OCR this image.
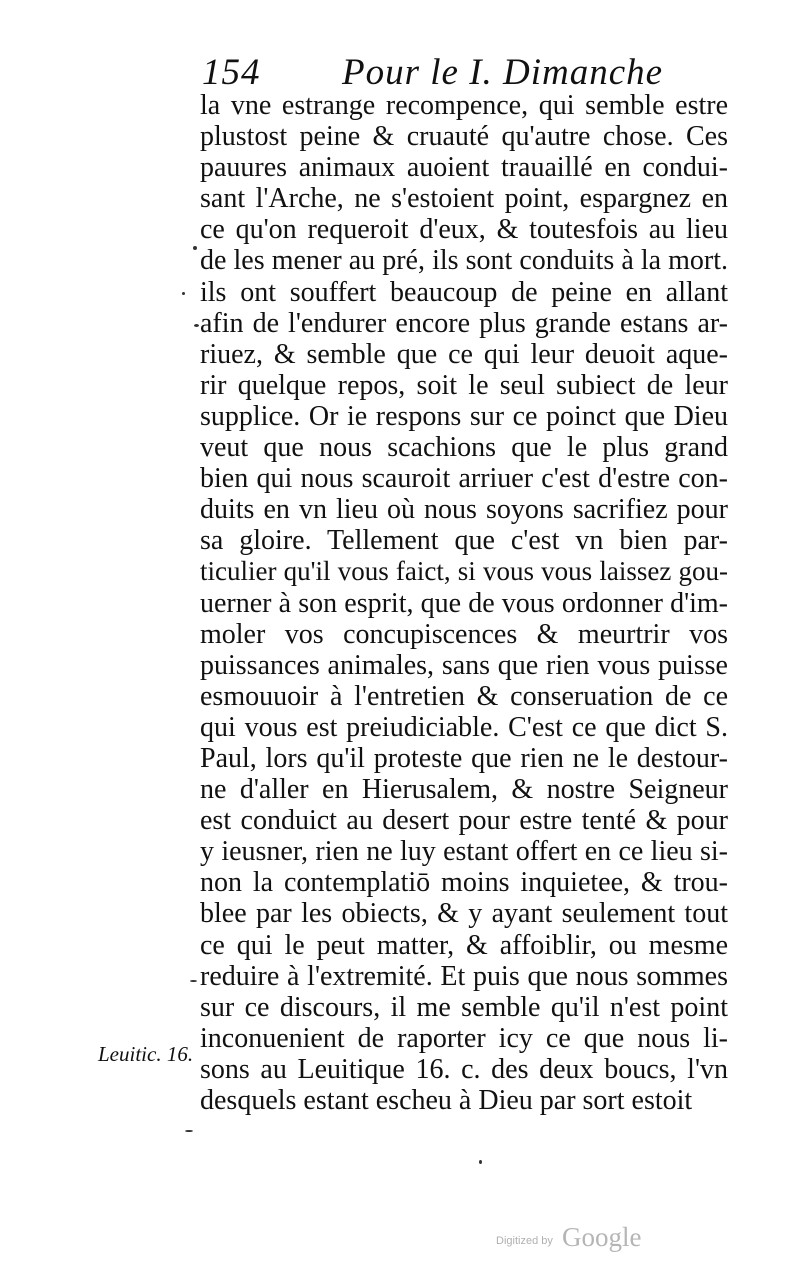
154 Pour le I. Dimanche
la vne estrange recompence, qui semble estre
plustost peine & cruauté qu'autre chose. Ces
pauures animaux auoient trauaillé en condui-
sant l'Arche, ne s'estoient point, espargnez en
ce qu'on requeroit d'eux, & toutesfois au lieu
de les mener au pré, ils sont conduits à la mort.
ils ont souffert beaucoup de peine en allant
afin de l'endurer encore plus grande estans ar-
riuez, & semble que ce qui leur deuoit aque-
rir quelque repos, soit le seul subiect de leur
supplice. Or ie respons sur ce poinct que Dieu
veut que nous scachions que le plus grand
bien qui nous scauroit arriuer c'est d'estre con-
duits en vn lieu où nous soyons sacrifiez pour
sa gloire. Tellement que c'est vn bien par-
ticulier qu'il vous faict, si vous vous laissez gou-
uerner à son esprit, que de vous ordonner d'im-
moler vos concupiscences & meurtrir vos
puissances animales, sans que rien vous puisse
esmouuoir à l'entretien & conseruation de ce
qui vous est preiudiciable. C'est ce que dict S.
Paul, lors qu'il proteste que rien ne le destour-
ne d'aller en Hierusalem, & nostre Seigneur
est conduict au desert pour estre tenté & pour
y ieusner, rien ne luy estant offert en ce lieu si-
non la contemplatiō moins inquietee, & trou-
blee par les obiects, & y ayant seulement tout
ce qui le peut matter, & affoiblir, ou mesme
reduire à l'extremité. Et puis que nous sommes
sur ce discours, il me semble qu'il n'est point
inconuenient de raporter icy ce que nous li-
sons au Leuitique 16. c. des deux boucs, l'vn
desquels estant escheu à Dieu par sort estoit
Leuitic. 16.
Digitized by Google
